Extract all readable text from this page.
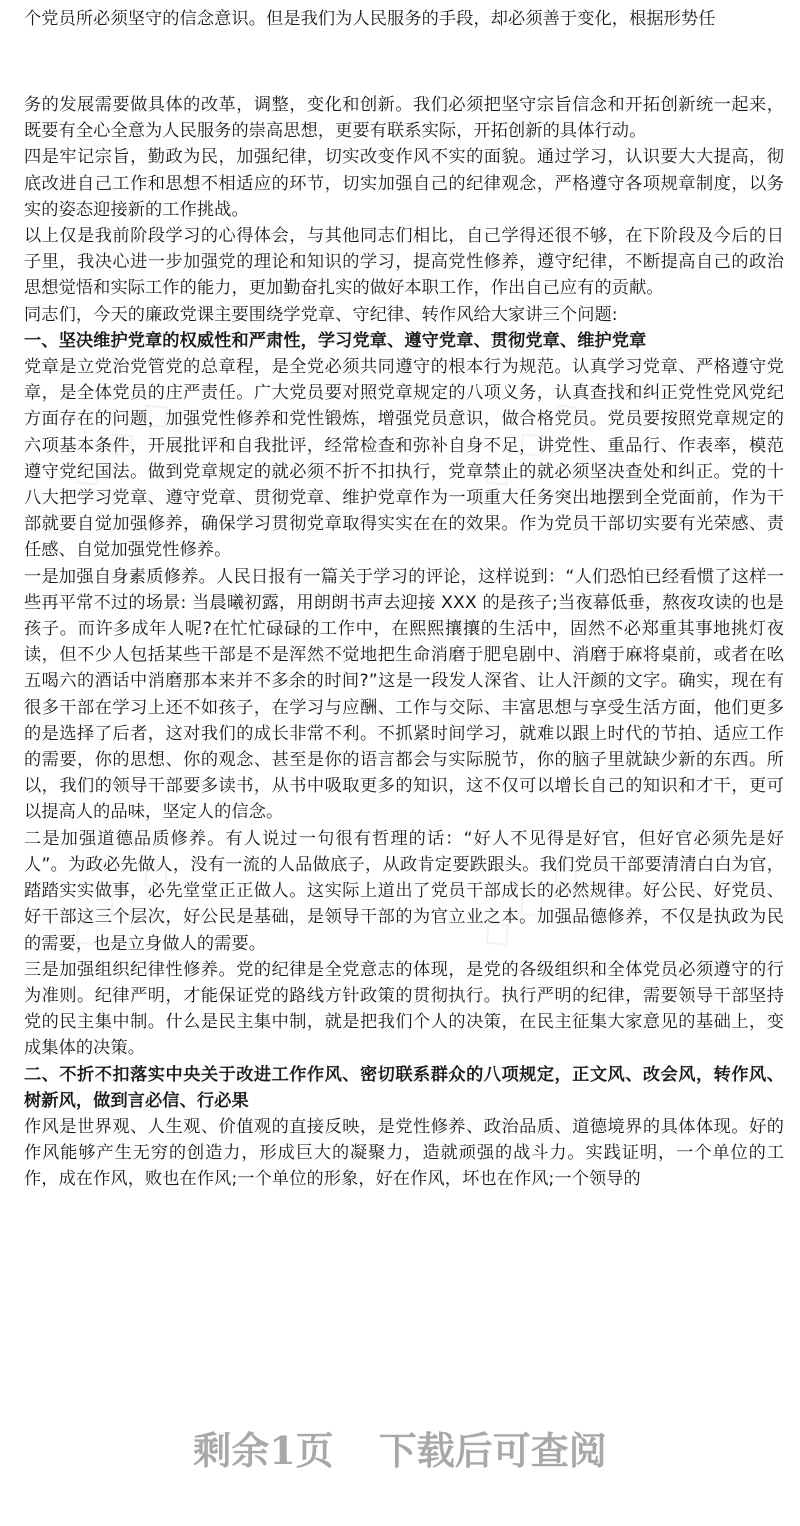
个党员所必须坚守的信念意识。但是我们为人民服务的手段，却必须善于变化，根据形势任

务的发展需要做具体的改革，调整，变化和创新。我们必须把坚守宗旨信念和开拓创新统一起来，既要有全心全意为人民服务的崇高思想，更要有联系实际，开拓创新的具体行动。

四是牢记宗旨，勤政为民，加强纪律，切实改变作风不实的面貌。通过学习，认识要大大提高，彻底改进自己工作和思想不相适应的环节，切实加强自己的纪律观念，严格遵守各项规章制度，以务实的姿态迎接新的工作挑战。

以上仅是我前阶段学习的心得体会，与其他同志们相比，自己学得还很不够，在下阶段及今后的日子里，我决心进一步加强党的理论和知识的学习，提高党性修养，遵守纪律，不断提高自己的政治思想觉悟和实际工作的能力，更加勤奋扎实的做好本职工作，作出自己应有的贡献。

同志们，今天的廉政党课主要围绕学党章、守纪律、转作风给大家讲三个问题:

一、坚决维护党章的权威性和严肃性，学习党章、遵守党章、贯彻党章、维护党章

党章是立党治党管党的总章程，是全党必须共同遵守的根本行为规范。认真学习党章、严格遵守党章，是全体党员的庄严责任。广大党员要对照党章规定的八项义务，认真查找和纠正党性党风党纪方面存在的问题，加强党性修养和党性锻炼，增强党员意识，做合格党员。党员要按照党章规定的六项基本条件，开展批评和自我批评，经常检查和弥补自身不足，讲党性、重品行、作表率，模范遵守党纪国法。做到党章规定的就必须不折不扣执行，党章禁止的就必须坚决查处和纠正。党的十八大把学习党章、遵守党章、贯彻党章、维护党章作为一项重大任务突出地摆到全党面前，作为干部就要自觉加强修养，确保学习贯彻党章取得实实在在的效果。作为党员干部切实要有光荣感、责任感、自觉加强党性修养。

一是加强自身素质修养。人民日报有一篇关于学习的评论，这样说到：“人们恐怕已经看惯了这样一些再平常不过的场景: 当晨曦初露，用朗朗书声去迎接 XXX 的是孩子;当夜幕低垂，熬夜攻读的也是孩子。而许多成年人呢?在忙忙碌碌的工作中，在熙熙攘攘的生活中，固然不必郑重其事地挑灯夜读，但不少人包括某些干部是不是浑然不觉地把生命消磨于肥皂剧中、消磨于麻将桌前，或者在吆五喝六的酒话中消磨那本来并不多余的时间?”这是一段发人深省、让人汗颜的文字。确实，现在有很多干部在学习上还不如孩子，在学习与应酬、工作与交际、丰富思想与享受生活方面，他们更多的是选择了后者，这对我们的成长非常不利。不抓紧时间学习，就难以跟上时代的节拍、适应工作的需要，你的思想、你的观念、甚至是你的语言都会与实际脱节，你的脑子里就缺少新的东西。所以，我们的领导干部要多读书，从书中吸取更多的知识，这不仅可以增长自己的知识和才干，更可以提高人的品味，坚定人的信念。

二是加强道德品质修养。有人说过一句很有哲理的话：“好人不见得是好官，但好官必须先是好人”。为政必先做人，没有一流的人品做底子，从政肯定要跌跟头。我们党员干部要清清白白为官，踏踏实实做事，必先堂堂正正做人。这实际上道出了党员干部成长的必然规律。好公民、好党员、好干部这三个层次，好公民是基础，是领导干部的为官立业之本。加强品德修养，不仅是执政为民的需要，也是立身做人的需要。

三是加强组织纪律性修养。党的纪律是全党意志的体现，是党的各级组织和全体党员必须遵守的行为准则。纪律严明，才能保证党的路线方针政策的贯彻执行。执行严明的纪律，需要领导干部坚持党的民主集中制。什么是民主集中制，就是把我们个人的决策，在民主征集大家意见的基础上，变成集体的决策。

二、不折不扣落实中央关于改进工作作风、密切联系群众的八项规定，正文风、改会风，转作风、树新风，做到言必信、行必果

作风是世界观、人生观、价值观的直接反映，是党性修养、政治品质、道德境界的具体体现。好的作风能够产生无穷的创造力，形成巨大的凝聚力，造就顽强的战斗力。实践证明，一个单位的工作，成在作风，败也在作风;一个单位的形象，好在作风，坏也在作风;一个领导的

剩余1页 下载后可查阅
